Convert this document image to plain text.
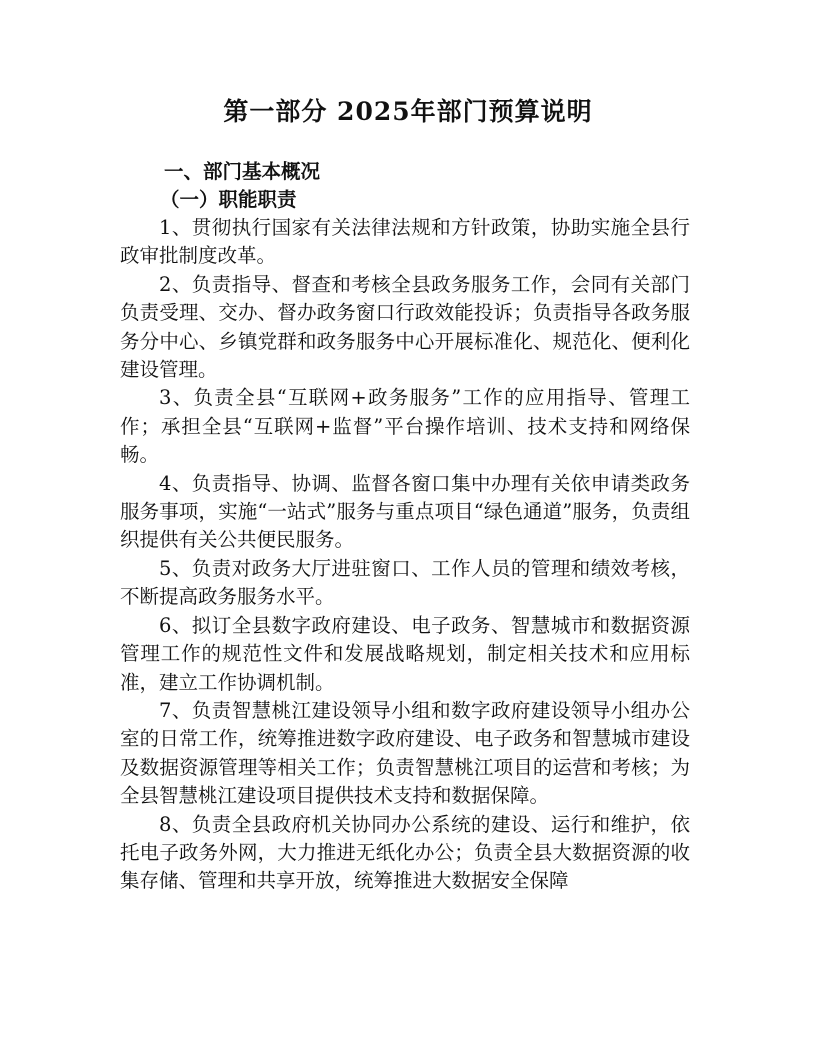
第一部分 2025年部门预算说明
一、部门基本概况
（一）职能职责

1、贯彻执行国家有关法律法规和方针政策，协助实施全县行政审批制度改革。

2、负责指导、督查和考核全县政务服务工作，会同有关部门负责受理、交办、督办政务窗口行政效能投诉；负责指导各政务服务分中心、乡镇党群和政务服务中心开展标准化、规范化、便利化建设管理。

3、负责全县“互联网+政务服务”工作的应用指导、管理工作；承担全县“互联网+监督”平台操作培训、技术支持和网络保畅。

4、负责指导、协调、监督各窗口集中办理有关依申请类政务服务事项，实施“一站式”服务与重点项目“绿色通道”服务，负责组织提供有关公共便民服务。

5、负责对政务大厅进驻窗口、工作人员的管理和绩效考核，不断提高政务服务水平。

6、拟订全县数字政府建设、电子政务、智慧城市和数据资源管理工作的规范性文件和发展战略规划，制定相关技术和应用标准，建立工作协调机制。

7、负责智慧桃江建设领导小组和数字政府建设领导小组办公室的日常工作，统筹推进数字政府建设、电子政务和智慧城市建设及数据资源管理等相关工作；负责智慧桃江项目的运营和考核；为全县智慧桃江建设项目提供技术支持和数据保障。

8、负责全县政府机关协同办公系统的建设、运行和维护，依托电子政务外网，大力推进无纸化办公；负责全县大数据资源的收集存储、管理和共享开放，统筹推进大数据安全保障
